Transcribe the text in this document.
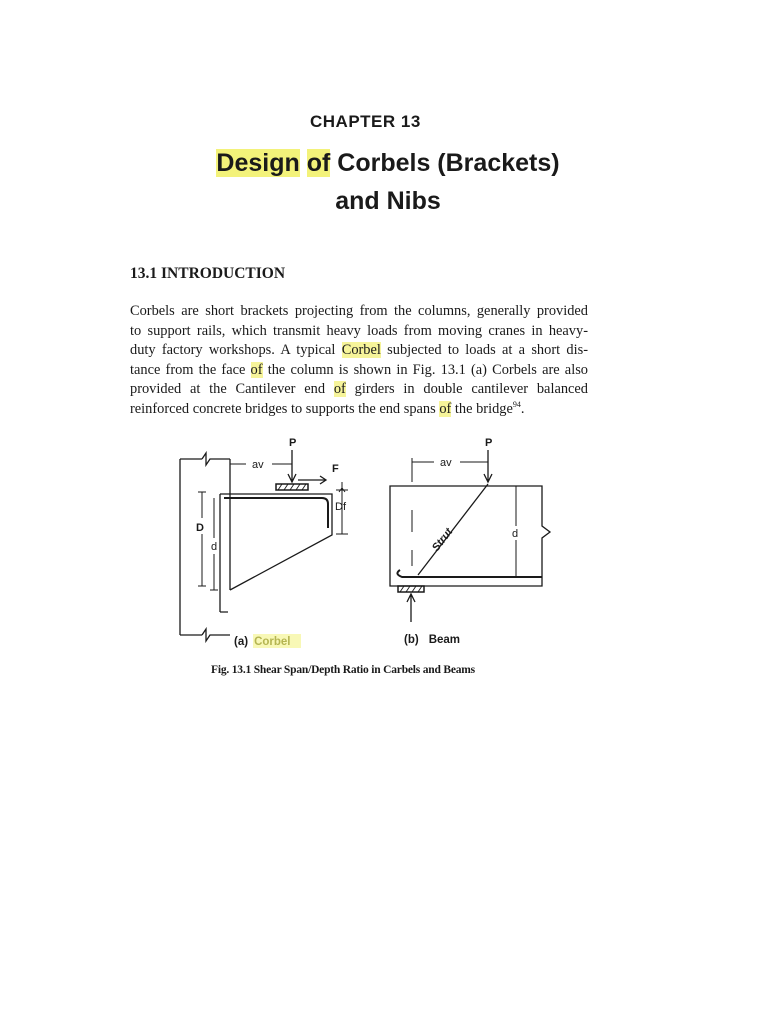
CHAPTER 13
Design of Corbels (Brackets)
and Nibs
13.1 INTRODUCTION
Corbels are short brackets projecting from the columns, generally provided
to support rails, which transmit heavy loads from moving cranes in heavy-
duty factory workshops. A typical Corbel subjected to loads at a short dis-
tance from the face of the column is shown in Fig. 13.1 (a) Corbels are also
provided at the Cantilever end of girders in double cantilever balanced
reinforced concrete bridges to supports the end spans of the bridge$^{94}$.
P
av	F
Df
D
d
(a)
Strut
P
av
d
(b) Beam
Fig. 13.1 Shear Span/Depth Ratio in Carbels and Beams
